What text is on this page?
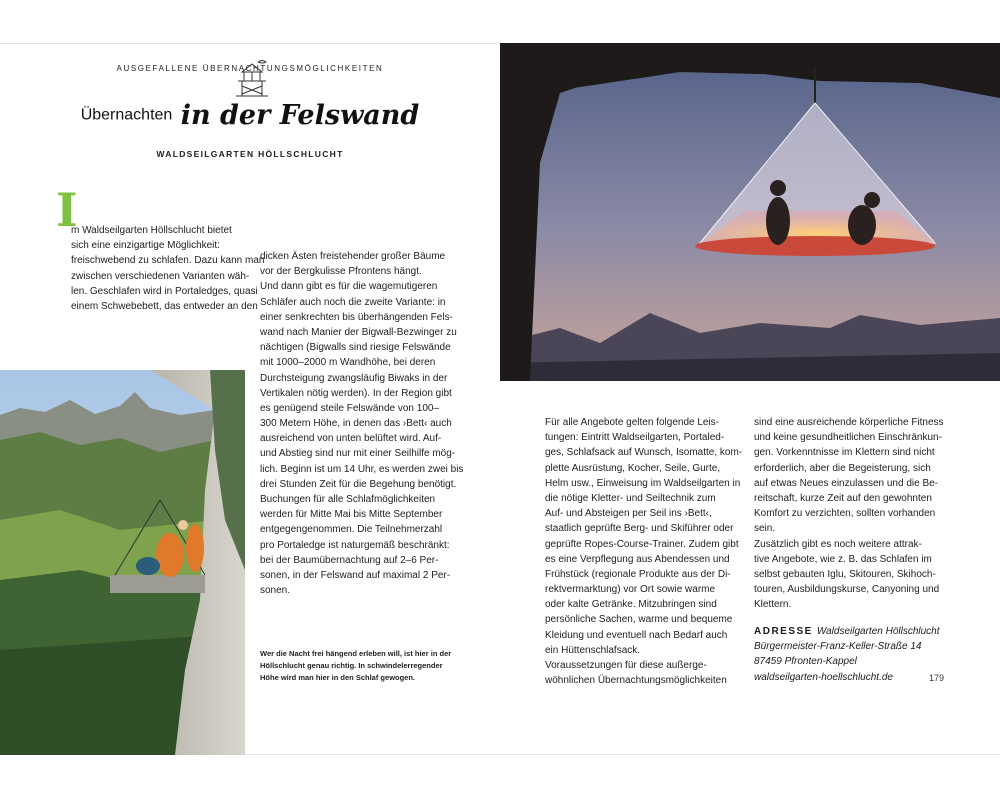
AUSGEFALLENE ÜBERNACHTUNGSMÖGLICHKEITEN
Übernachten in der Felswand
WALDSEILGARTEN HÖLLSCHLUCHT
I
m Waldseilgarten Höllschlucht bietet
sich eine einzigartige Möglichkeit:
freischwebend zu schlafen. Dazu kann man
zwischen verschiedenen Varianten wäh-
len. Geschlafen wird in Portaledges, quasi
einem Schwebebett, das entweder an den
dicken Ästen freistehender großer Bäume
vor der Bergkulisse Pfrontens hängt.
Und dann gibt es für die wagemutigeren
Schläfer auch noch die zweite Variante: in
einer senkrechten bis überhängenden Fels-
wand nach Manier der Bigwall-Bezwinger zu
nächtigen (Bigwalls sind riesige Felswände
mit 1000–2000 m Wandhöhe, bei deren
Durchsteigung zwangsläufig Biwaks in der
Vertikalen nötig werden). In der Region gibt
es genügend steile Felswände von 100–
300 Metern Höhe, in denen das ›Bett‹ auch
ausreichend von unten belüftet wird. Auf-
und Abstieg sind nur mit einer Seilhilfe mög-
lich. Beginn ist um 14 Uhr, es werden zwei bis
drei Stunden Zeit für die Begehung benötigt.
Buchungen für alle Schlafmöglichkeiten
werden für Mitte Mai bis Mitte September
entgegengenommen. Die Teilnehmerzahl
pro Portaledge ist naturgemäß beschränkt:
bei der Baumübernachtung auf 2–6 Per-
sonen, in der Felswand auf maximal 2 Per-
sonen.
Für alle Angebote gelten folgende Leis-
tungen: Eintritt Waldseilgarten, Portaled-
ges, Schlafsack auf Wunsch, Isomatte, kom-
plette Ausrüstung, Kocher, Seile, Gurte,
Helm usw., Einweisung im Waldseilgarten in
die nötige Kletter- und Seiltechnik zum
Auf- und Absteigen per Seil ins ›Bett‹,
staatlich geprüfte Berg- und Skiführer oder
geprüfte Ropes-Course-Trainer. Zudem gibt
es eine Verpflegung aus Abendessen und
Frühstück (regionale Produkte aus der Di-
rektvermarktung) vor Ort sowie warme
oder kalte Getränke. Mitzubringen sind
persönliche Sachen, warme und bequeme
Kleidung und eventuell nach Bedarf auch
ein Hüttenschlafsack.
Voraussetzungen für diese außerge-
wöhnlichen Übernachtungsmöglichkeiten
sind eine ausreichende körperliche Fitness
und keine gesundheitlichen Einschränkun-
gen. Vorkenntnisse im Klettern sind nicht
erforderlich, aber die Begeisterung, sich
auf etwas Neues einzulassen und die Be-
reitschaft, kurze Zeit auf den gewohnten
Komfort zu verzichten, sollten vorhanden
sein.
Zusätzlich gibt es noch weitere attrak-
tive Angebote, wie z. B. das Schlafen im
selbst gebauten Iglu, Skitouren, Skihoch-
touren, Ausbildungskurse, Canyoning und
Klettern.
Wer die Nacht frei hängend erleben will, ist hier in der
Höllschlucht genau richtig. In schwindelerregender
Höhe wird man hier in den Schlaf gewogen.
ADRESSE Waldseilgarten Höllschlucht
Bürgermeister-Franz-Keller-Straße 14
87459 Pfronten-Kappel
waldseilgarten-hoellschlucht.de	179
